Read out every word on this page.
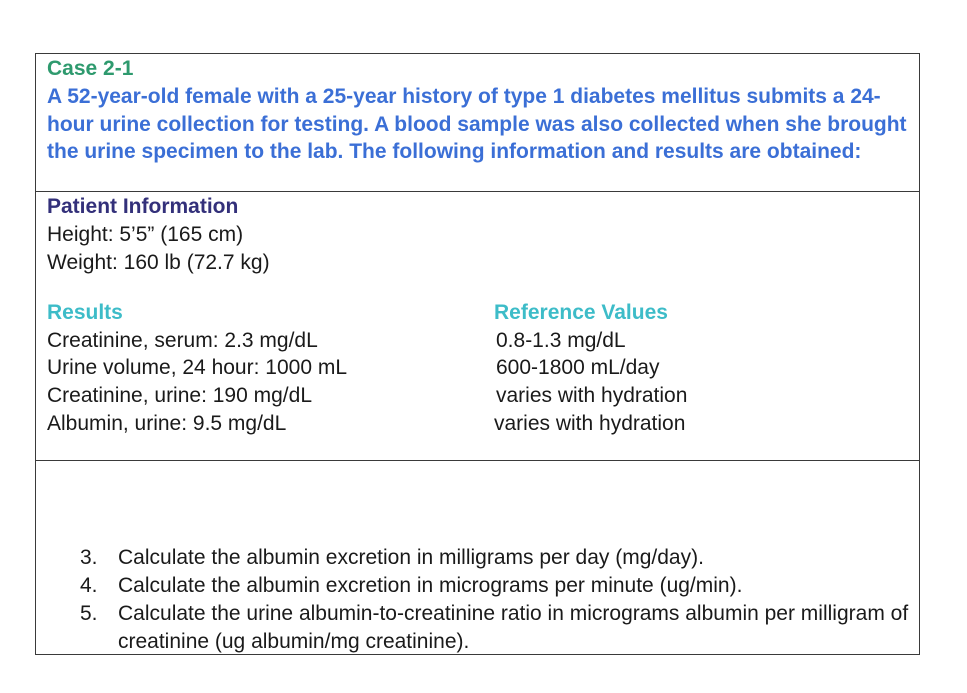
Case 2-1

A 52-year-old female with a 25-year history of type 1 diabetes mellitus submits a 24-hour urine collection for testing. A blood sample was also collected when she brought the urine specimen to the lab. The following information and results are obtained:

Patient Information

Height: 5’5” (165 cm)

Weight: 160 lb (72.7 kg)

Results	Reference Values

Creatinine, serum: 2.3 mg/dL

Urine volume, 24 hour: 1000 mL

Creatinine, urine: 190 mg/dL

Albumin, urine: 9.5 mg/dL

0.8-1.3 mg/dL

600-1800 mL/day

varies with hydration

varies with hydration

3. Calculate the albumin excretion in milligrams per day (mg/day).
4. Calculate the albumin excretion in micrograms per minute (ug/min).
5. Calculate the urine albumin-to-creatinine ratio in micrograms albumin per milligram of creatinine (ug albumin/mg creatinine).
